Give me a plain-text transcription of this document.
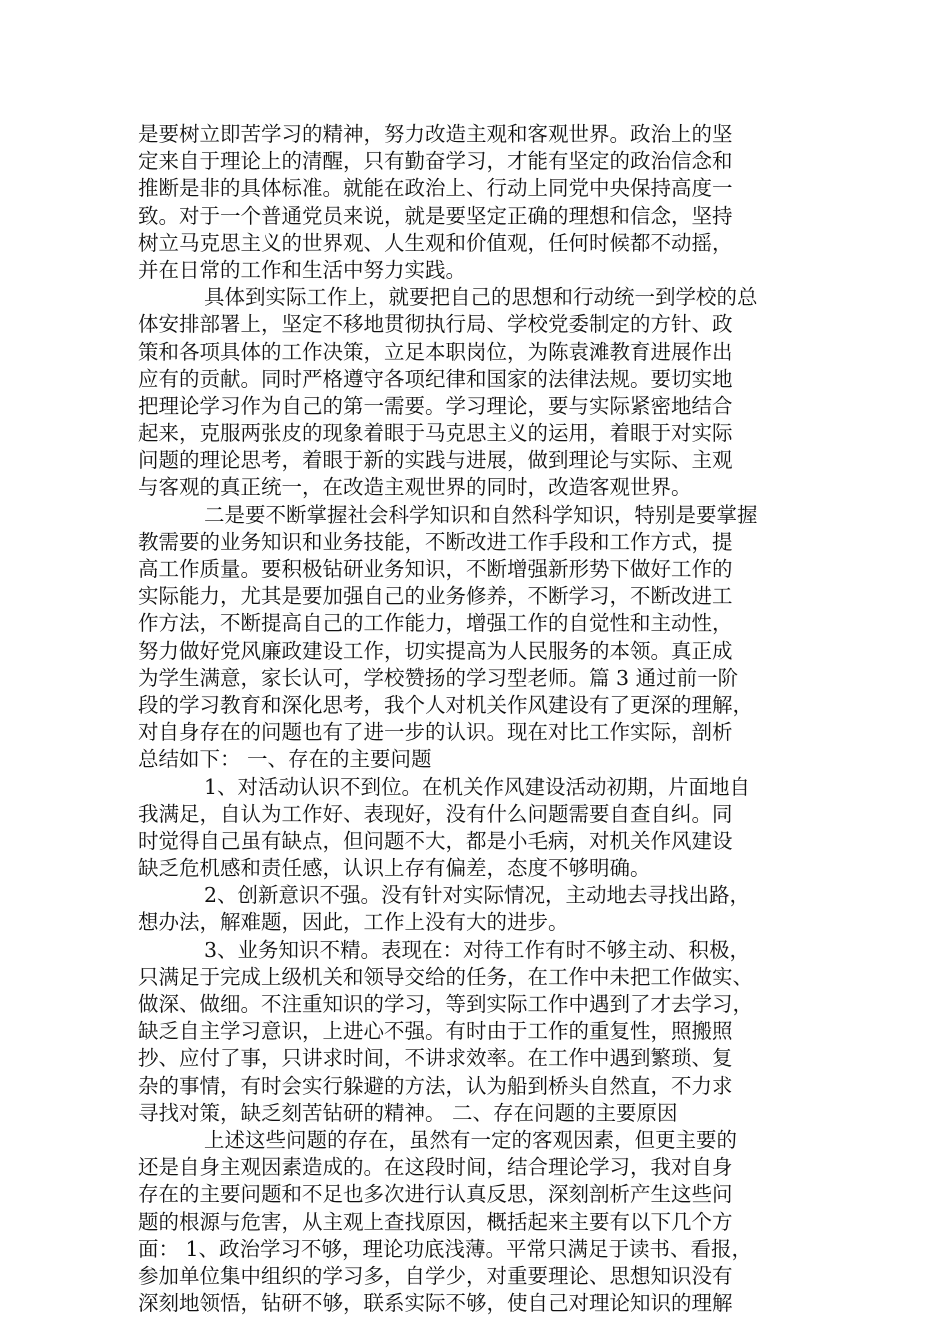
是要树立即苦学习的精神，努力改造主观和客观世界。政治上的坚
定来自于理论上的清醒，只有勤奋学习，才能有坚定的政治信念和
推断是非的具体标准。就能在政治上、行动上同党中央保持高度一
致。对于一个普通党员来说，就是要坚定正确的理想和信念，坚持
树立马克思主义的世界观、人生观和价值观，任何时候都不动摇，
并在日常的工作和生活中努力实践。
具体到实际工作上，就要把自己的思想和行动统一到学校的总
体安排部署上，坚定不移地贯彻执行局、学校党委制定的方针、政
策和各项具体的工作决策，立足本职岗位，为陈袁滩教育进展作出
应有的贡献。同时严格遵守各项纪律和国家的法律法规。要切实地
把理论学习作为自己的第一需要。学习理论，要与实际紧密地结合
起来，克服两张皮的现象着眼于马克思主义的运用，着眼于对实际
问题的理论思考，着眼于新的实践与进展，做到理论与实际、主观
与客观的真正统一，在改造主观世界的同时，改造客观世界。
二是要不断掌握社会科学知识和自然科学知识，特别是要掌握
教需要的业务知识和业务技能，不断改进工作手段和工作方式，提
高工作质量。要积极钻研业务知识，不断增强新形势下做好工作的
实际能力，尤其是要加强自己的业务修养，不断学习，不断改进工
作方法，不断提高自己的工作能力，增强工作的自觉性和主动性，
努力做好党风廉政建设工作，切实提高为人民服务的本领。真正成
为学生满意，家长认可，学校赞扬的学习型老师。篇 3 通过前一阶
段的学习教育和深化思考，我个人对机关作风建设有了更深的理解，
对自身存在的问题也有了进一步的认识。现在对比工作实际，剖析
总结如下： 一、存在的主要问题
1、对活动认识不到位。在机关作风建设活动初期，片面地自
我满足，自认为工作好、表现好，没有什么问题需要自查自纠。同
时觉得自己虽有缺点，但问题不大，都是小毛病，对机关作风建设
缺乏危机感和责任感，认识上存有偏差，态度不够明确。
2、创新意识不强。没有针对实际情况，主动地去寻找出路，
想办法，解难题，因此，工作上没有大的进步。
3、业务知识不精。表现在：对待工作有时不够主动、积极，
只满足于完成上级机关和领导交给的任务，在工作中未把工作做实、
做深、做细。不注重知识的学习，等到实际工作中遇到了才去学习，
缺乏自主学习意识，上进心不强。有时由于工作的重复性，照搬照
抄、应付了事，只讲求时间，不讲求效率。在工作中遇到繁琐、复
杂的事情，有时会实行躲避的方法，认为船到桥头自然直，不力求
寻找对策，缺乏刻苦钻研的精神。 二、存在问题的主要原因
上述这些问题的存在，虽然有一定的客观因素，但更主要的
还是自身主观因素造成的。在这段时间，结合理论学习，我对自身
存在的主要问题和不足也多次进行认真反思，深刻剖析产生这些问
题的根源与危害，从主观上查找原因，概括起来主要有以下几个方
面： 1、政治学习不够，理论功底浅薄。平常只满足于读书、看报，
参加单位集中组织的学习多，自学少，对重要理论、思想知识没有
深刻地领悟，钻研不够，联系实际不够，使自己对理论知识的理解
